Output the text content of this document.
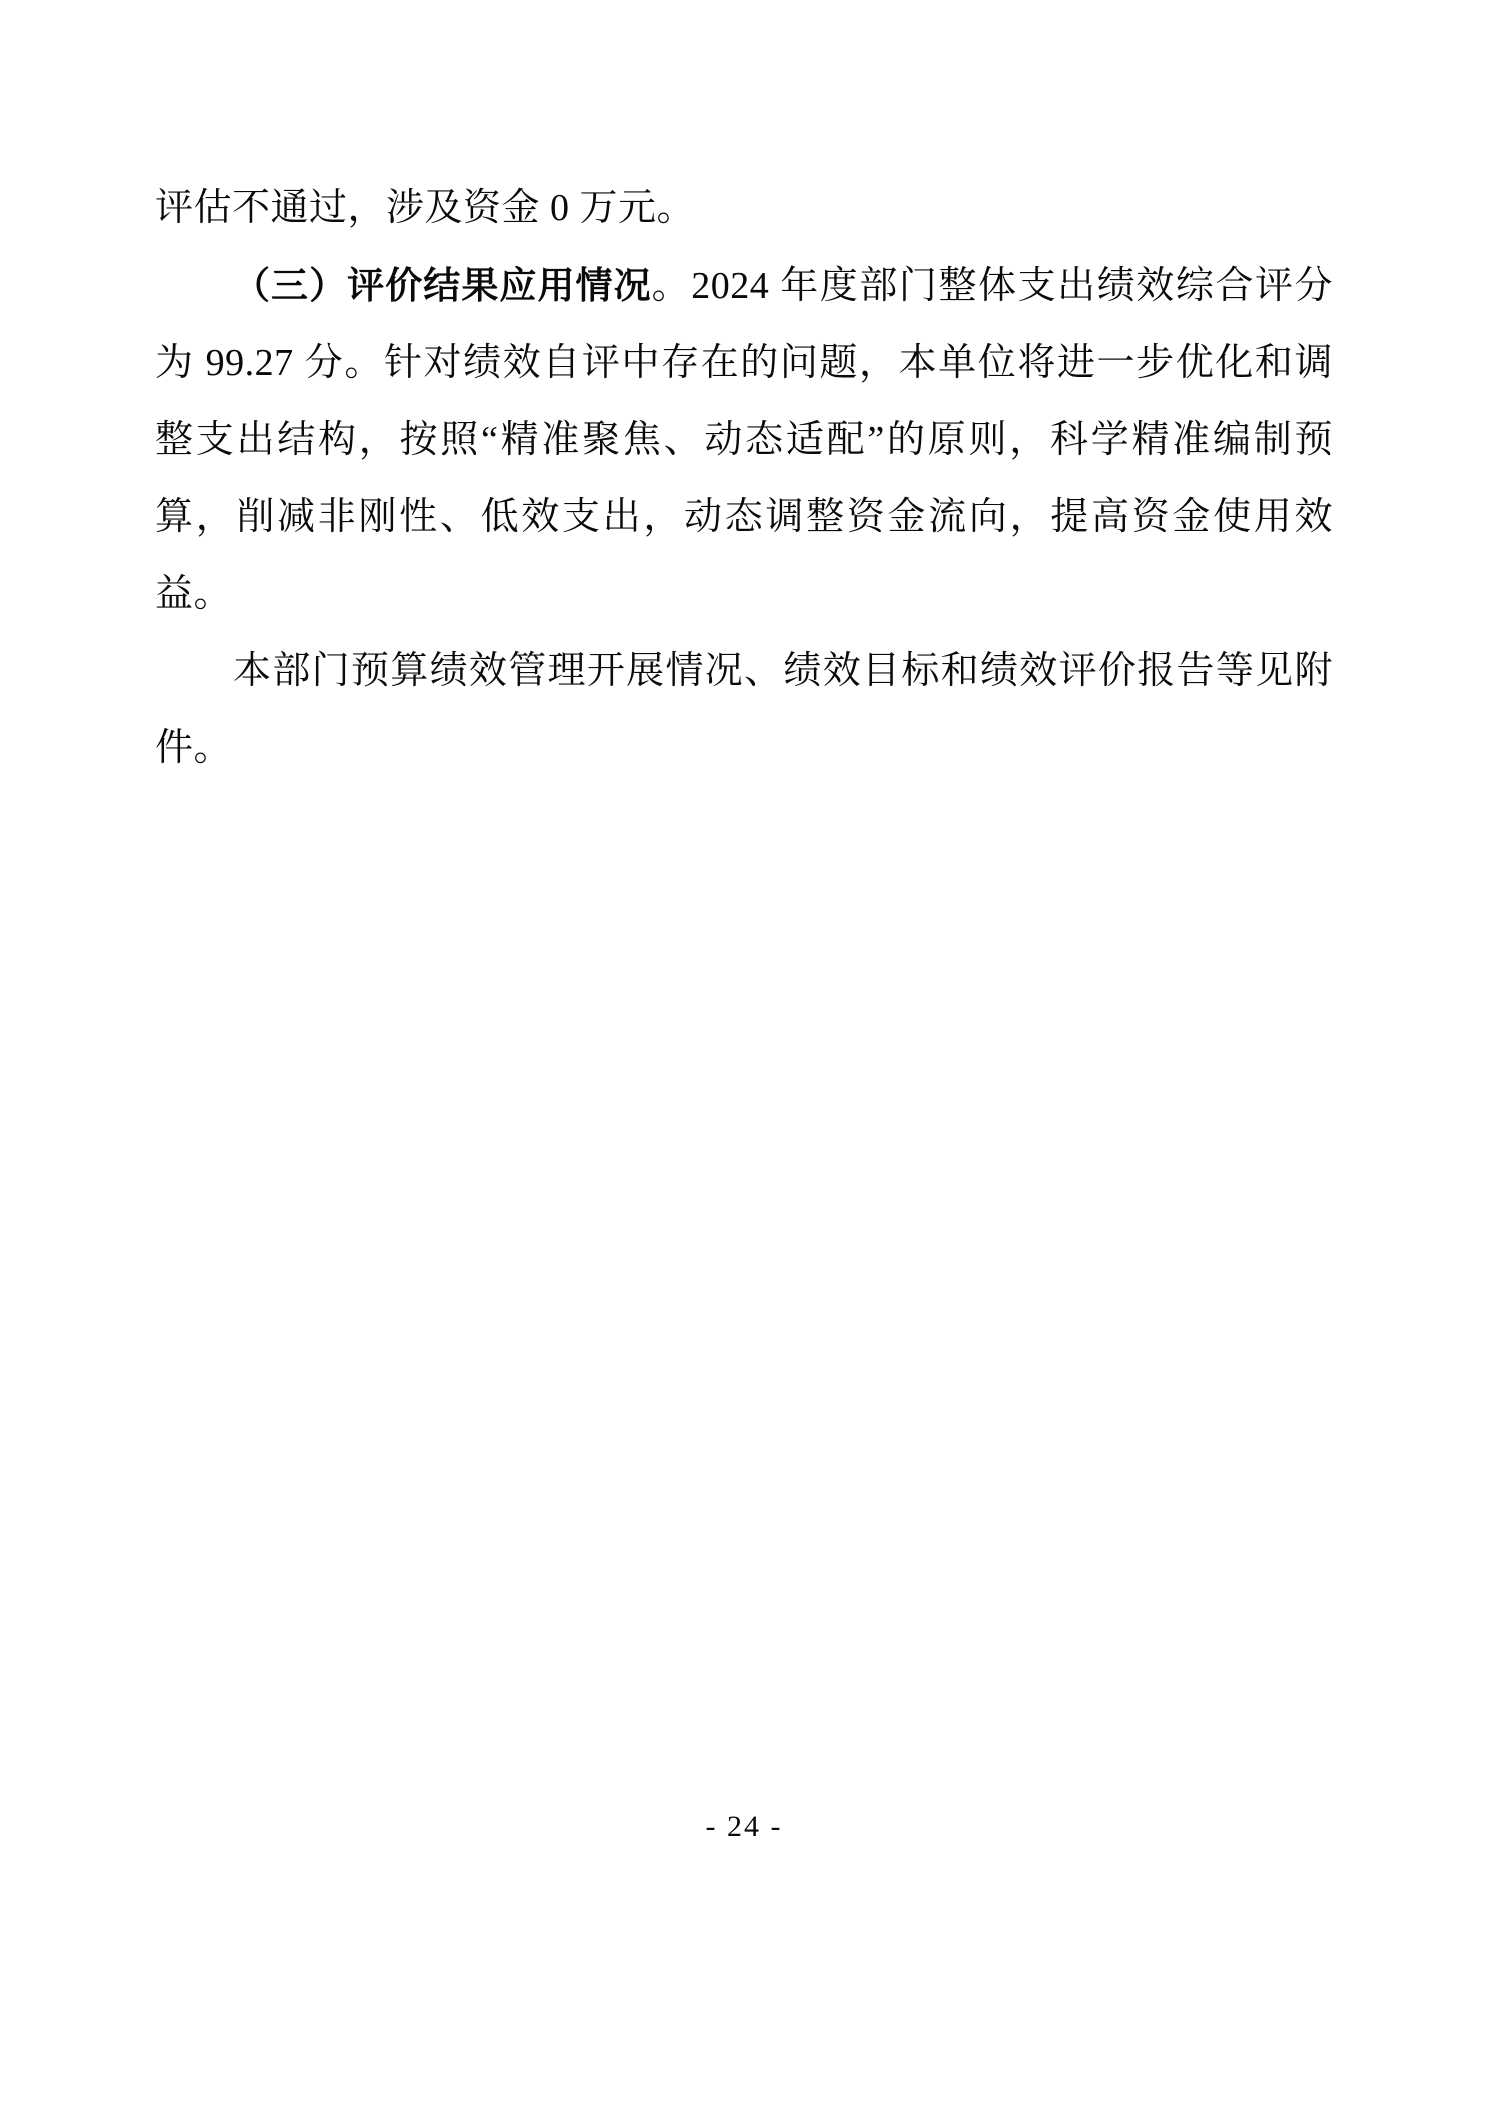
评估不通过，涉及资金 0 万元。

（三）评价结果应用情况。2024 年度部门整体支出绩效综合评分为 99.27 分。针对绩效自评中存在的问题，本单位将进一步优化和调整支出结构，按照“精准聚焦、动态适配”的原则，科学精准编制预算，削减非刚性、低效支出，动态调整资金流向，提高资金使用效益。

本部门预算绩效管理开展情况、绩效目标和绩效评价报告等见附件。

- 24 -
